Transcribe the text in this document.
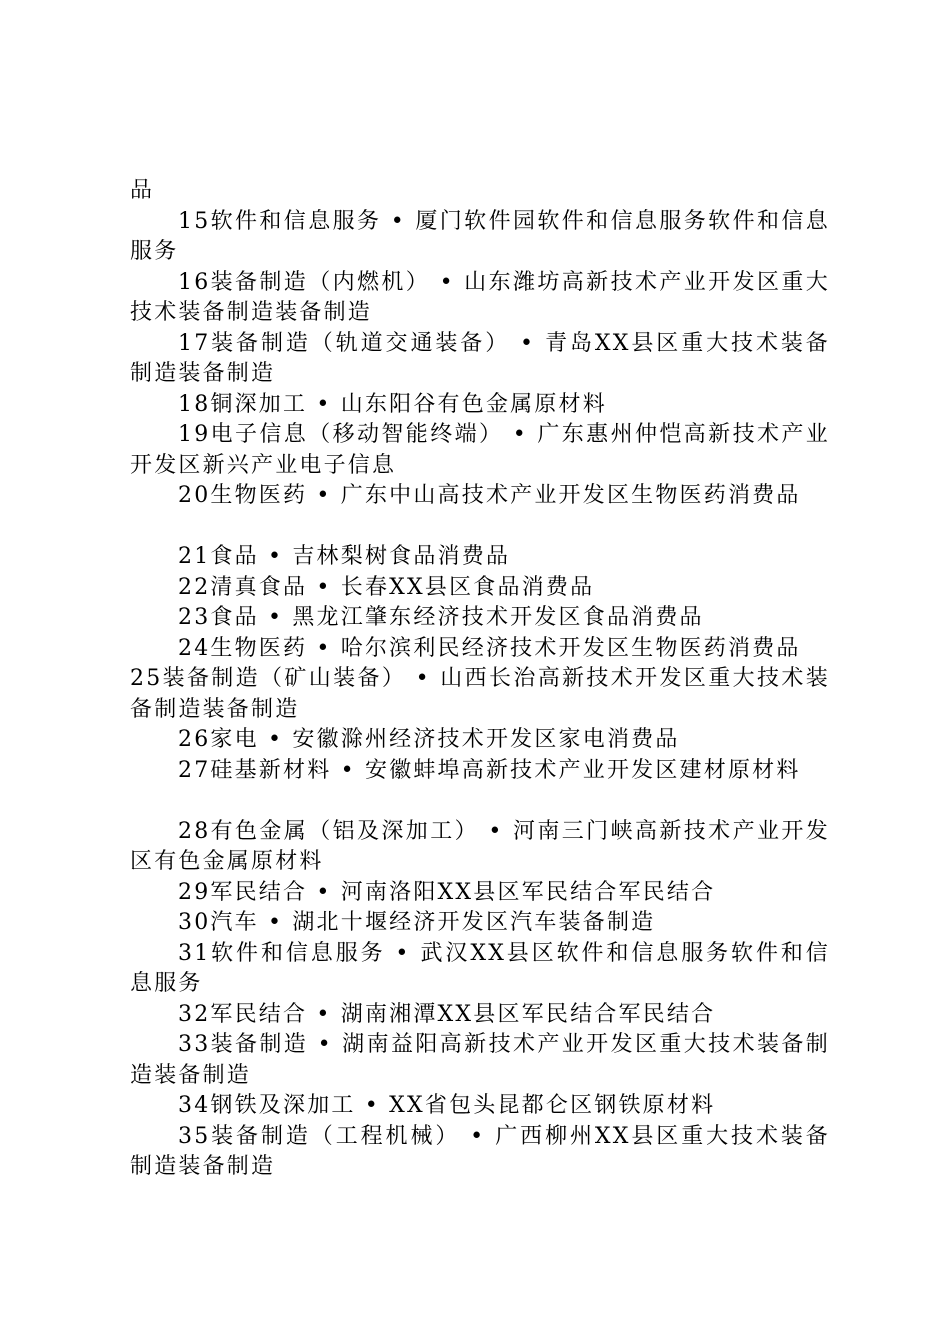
品

15软件和信息服务 • 厦门软件园软件和信息服务软件和信息服务

16装备制造（内燃机） • 山东潍坊高新技术产业开发区重大技术装备制造装备制造

17装备制造（轨道交通装备） • 青岛XX县区重大技术装备制造装备制造

18铜深加工 • 山东阳谷有色金属原材料

19电子信息（移动智能终端） • 广东惠州仲恺高新技术产业开发区新兴产业电子信息

20生物医药 • 广东中山高技术产业开发区生物医药消费品

21食品 • 吉林梨树食品消费品

22清真食品 • 长春XX县区食品消费品

23食品 • 黑龙江肇东经济技术开发区食品消费品

24生物医药 • 哈尔滨利民经济技术开发区生物医药消费品

25装备制造（矿山装备） • 山西长治高新技术开发区重大技术装备制造装备制造

26家电 • 安徽滁州经济技术开发区家电消费品

27硅基新材料 • 安徽蚌埠高新技术产业开发区建材原材料

28有色金属（铝及深加工） • 河南三门峡高新技术产业开发区有色金属原材料

29军民结合 • 河南洛阳XX县区军民结合军民结合

30汽车 • 湖北十堰经济开发区汽车装备制造

31软件和信息服务 • 武汉XX县区软件和信息服务软件和信息服务

32军民结合 • 湖南湘潭XX县区军民结合军民结合

33装备制造 • 湖南益阳高新技术产业开发区重大技术装备制造装备制造

34钢铁及深加工 • XX省包头昆都仑区钢铁原材料

35装备制造（工程机械） • 广西柳州XX县区重大技术装备制造装备制造
